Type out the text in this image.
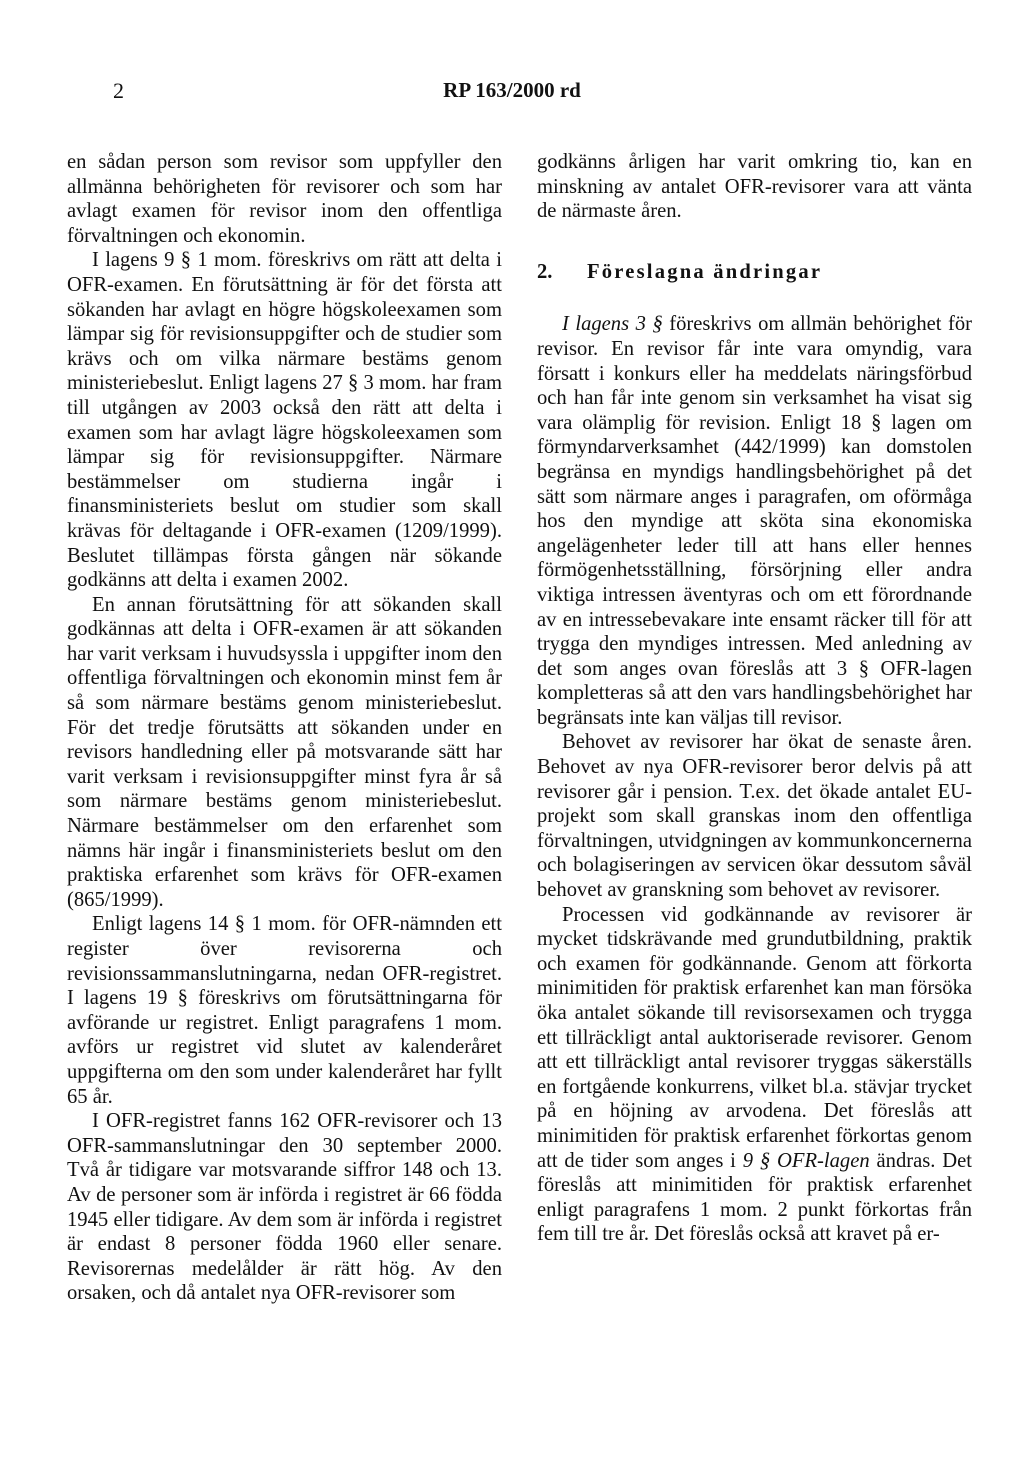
2	RP 163/2000 rd

en sådan person som revisor som uppfyller den allmänna behörigheten för revisorer och som har avlagt examen för revisor inom den offentliga förvaltningen och ekonomin.

I lagens 9 § 1 mom. föreskrivs om rätt att delta i OFR-examen. En förutsättning är för det första att sökanden har avlagt en högre högskoleexamen som lämpar sig för revisionsuppgifter och de studier som krävs och om vilka närmare bestäms genom ministeriebeslut. Enligt lagens 27 § 3 mom. har fram till utgången av 2003 också den rätt att delta i examen som har avlagt lägre högskoleexamen som lämpar sig för revisionsuppgifter. Närmare bestämmelser om studierna ingår i finansministeriets beslut om studier som skall krävas för deltagande i OFR-examen (1209/1999). Beslutet tillämpas första gången när sökande godkänns att delta i examen 2002.

En annan förutsättning för att sökanden skall godkännas att delta i OFR-examen är att sökanden har varit verksam i huvudsyssla i uppgifter inom den offentliga förvaltningen och ekonomin minst fem år så som närmare bestäms genom ministeriebeslut. För det tredje förutsätts att sökanden under en revisors handledning eller på motsvarande sätt har varit verksam i revisionsuppgifter minst fyra år så som närmare bestäms genom ministeriebeslut. Närmare bestämmelser om den erfarenhet som nämns här ingår i finansministeriets beslut om den praktiska erfarenhet som krävs för OFR-examen (865/1999).

Enligt lagens 14 § 1 mom. för OFR-nämnden ett register över revisorerna och revisionssammanslutningarna, nedan OFR-registret. I lagens 19 § föreskrivs om förutsättningarna för avförande ur registret. Enligt paragrafens 1 mom. avförs ur registret vid slutet av kalenderåret uppgifterna om den som under kalenderåret har fyllt 65 år.

I OFR-registret fanns 162 OFR-revisorer och 13 OFR-sammanslutningar den 30 september 2000. Två år tidigare var motsvarande siffror 148 och 13. Av de personer som är införda i registret är 66 födda 1945 eller tidigare. Av dem som är införda i registret är endast 8 personer födda 1960 eller senare. Revisorernas medelålder är rätt hög. Av den orsaken, och då antalet nya OFR-revisorer som

godkänns årligen har varit omkring tio, kan en minskning av antalet OFR-revisorer vara att vänta de närmaste åren.

2. Föreslagna ändringar

I lagens 3 § föreskrivs om allmän behörighet för revisor. En revisor får inte vara omyndig, vara försatt i konkurs eller ha meddelats näringsförbud och han får inte genom sin verksamhet ha visat sig vara olämplig för revision. Enligt 18 § lagen om förmyndarverksamhet (442/1999) kan domstolen begränsa en myndigs handlingsbehörighet på det sätt som närmare anges i paragrafen, om oförmåga hos den myndige att sköta sina ekonomiska angelägenheter leder till att hans eller hennes förmögenhetsställning, försörjning eller andra viktiga intressen äventyras och om ett förordnande av en intressebevakare inte ensamt räcker till för att trygga den myndiges intressen. Med anledning av det som anges ovan föreslås att 3 § OFR-lagen kompletteras så att den vars handlingsbehörighet har begränsats inte kan väljas till revisor.

Behovet av revisorer har ökat de senaste åren. Behovet av nya OFR-revisorer beror delvis på att revisorer går i pension. T.ex. det ökade antalet EU-projekt som skall granskas inom den offentliga förvaltningen, utvidgningen av kommunkoncernerna och bolagiseringen av servicen ökar dessutom såväl behovet av granskning som behovet av revisorer.

Processen vid godkännande av revisorer är mycket tidskrävande med grundutbildning, praktik och examen för godkännande. Genom att förkorta minimitiden för praktisk erfarenhet kan man försöka öka antalet sökande till revisorsexamen och trygga ett tillräckligt antal auktoriserade revisorer. Genom att ett tillräckligt antal revisorer tryggas säkerställs en fortgående konkurrens, vilket bl.a. stävjar trycket på en höjning av arvodena. Det föreslås att minimitiden för praktisk erfarenhet förkortas genom att de tider som anges i 9 § OFR-lagen ändras. Det föreslås att minimitiden för praktisk erfarenhet enligt paragrafens 1 mom. 2 punkt förkortas från fem till tre år. Det föreslås också att kravet på er-
